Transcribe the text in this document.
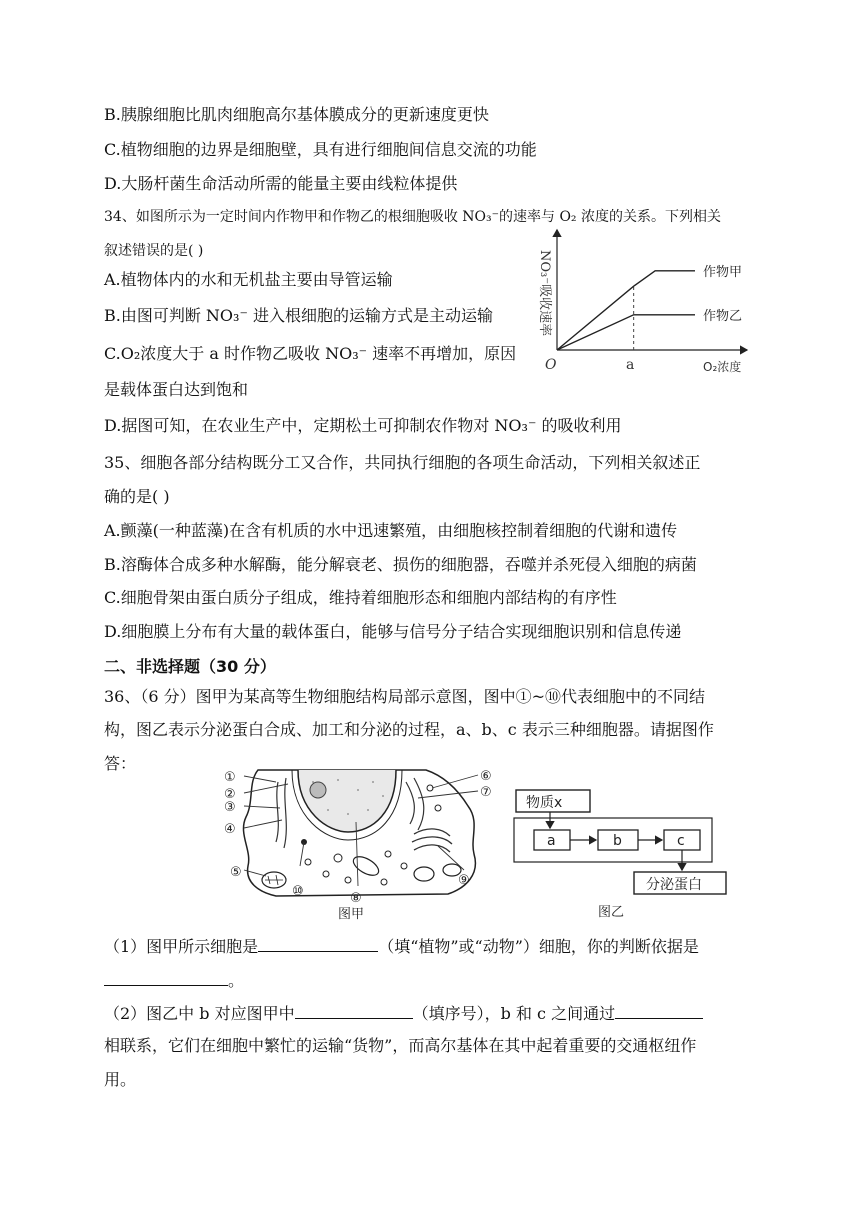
B.胰腺细胞比肌肉细胞高尔基体膜成分的更新速度更快
C.植物细胞的边界是细胞壁，具有进行细胞间信息交流的功能
D.大肠杆菌生命活动所需的能量主要由线粒体提供
34、如图所示为一定时间内作物甲和作物乙的根细胞吸收 NO₃⁻的速率与 O₂ 浓度的关系。下列相关
叙述错误的是( )
A.植物体内的水和无机盐主要由导管运输
B.由图可判断 NO₃⁻ 进入根细胞的运输方式是主动运输
C.O₂浓度大于 a 时作物乙吸收 NO₃⁻ 速率不再增加，原因
是载体蛋白达到饱和
D.据图可知，在农业生产中，定期松土可抑制农作物对 NO₃⁻ 的吸收利用
NO₃⁻吸收速率
O₂浓度
O	a
作物甲
作物乙
35、细胞各部分结构既分工又合作，共同执行细胞的各项生命活动，下列相关叙述正
确的是( )
A.颤藻(一种蓝藻)在含有机质的水中迅速繁殖，由细胞核控制着细胞的代谢和遗传
B.溶酶体合成多种水解酶，能分解衰老、损伤的细胞器，吞噬并杀死侵入细胞的病菌
C.细胞骨架由蛋白质分子组成，维持着细胞形态和细胞内部结构的有序性
D.细胞膜上分布有大量的载体蛋白，能够与信号分子结合实现细胞识别和信息传递
二、非选择题（30 分）
36、（6 分）图甲为某高等生物细胞结构局部示意图，图中①~⑩代表细胞中的不同结
构，图乙表示分泌蛋白合成、加工和分泌的过程，a、b、c 表示三种细胞器。请据图作
答：
①
②
③
④
⑤
⑥
⑦
⑧
⑨
⑩
图甲
物质x
a	b	c
分泌蛋白
图乙
（1）图甲所示细胞是	（填“植物”或“动物”）细胞，你的判断依据是
。
（2）图乙中 b 对应图甲中	（填序号），b 和 c 之间通过
相联系，它们在细胞中繁忙的运输“货物”，而高尔基体在其中起着重要的交通枢纽作
用。
